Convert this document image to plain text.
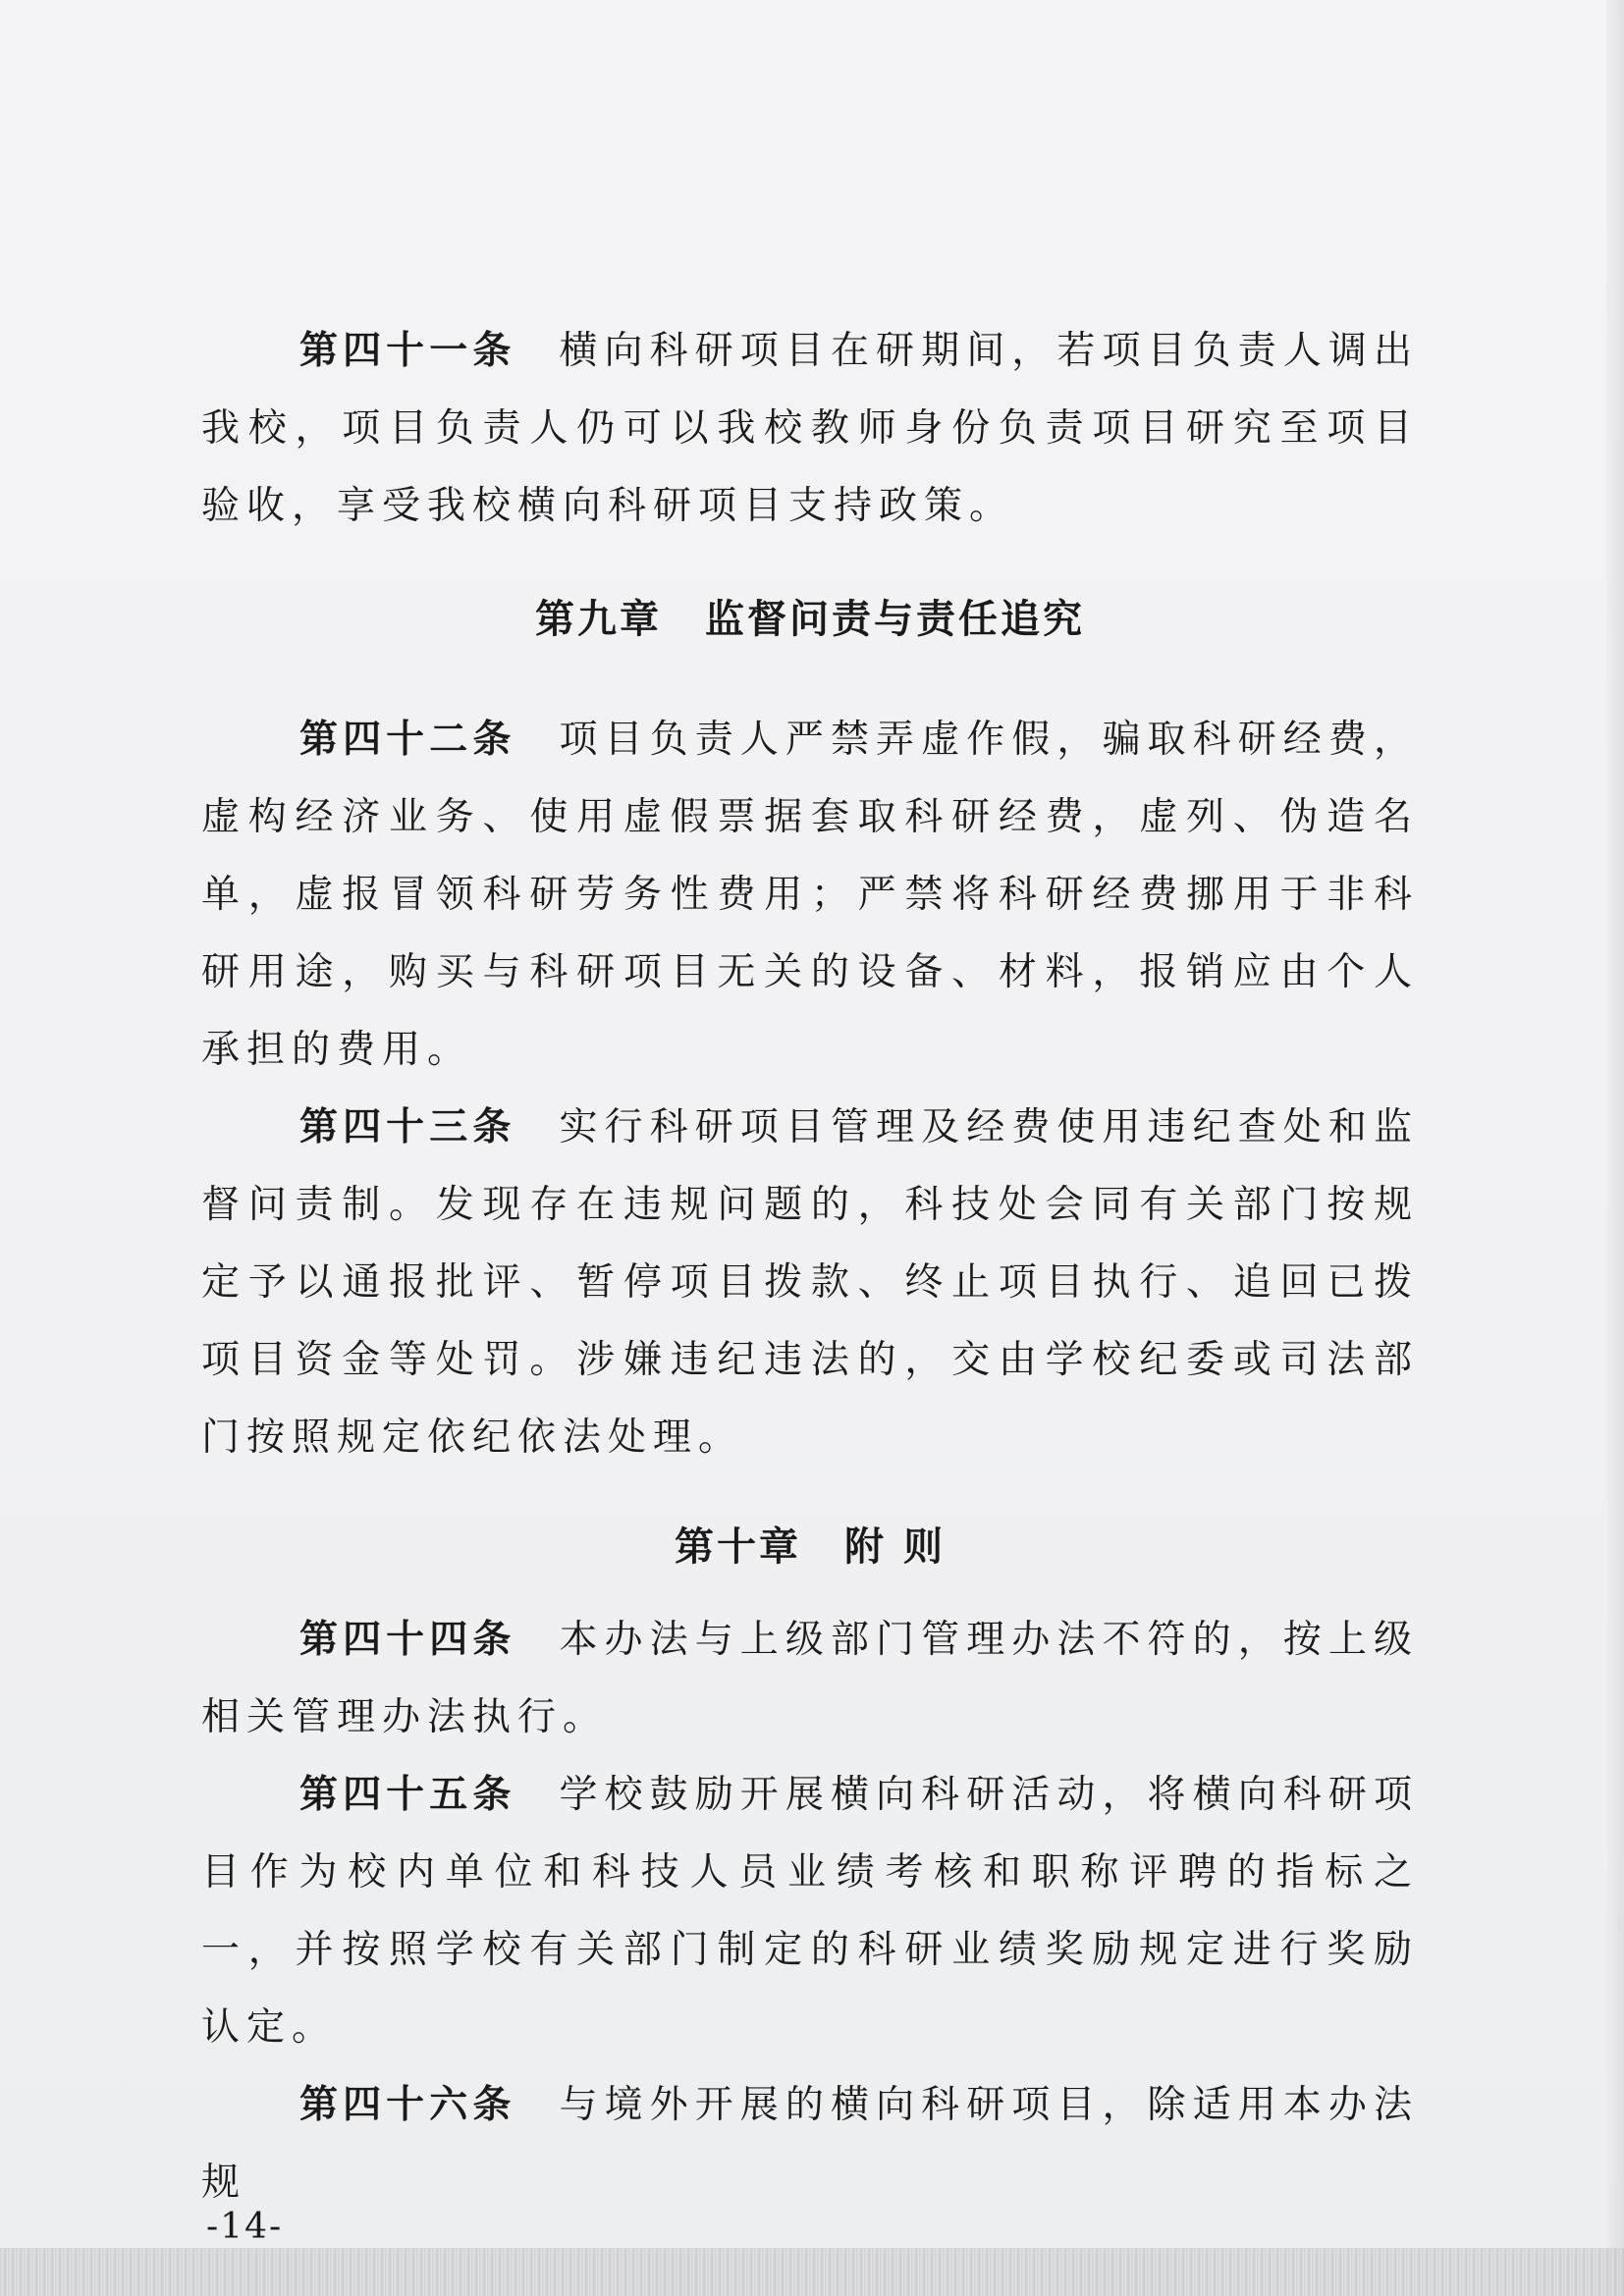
第四十一条 横向科研项目在研期间，若项目负责人调出我校，项目负责人仍可以我校教师身份负责项目研究至项目验收，享受我校横向科研项目支持政策。

第九章 监督问责与责任追究

第四十二条 项目负责人严禁弄虚作假，骗取科研经费，虚构经济业务、使用虚假票据套取科研经费，虚列、伪造名单，虚报冒领科研劳务性费用；严禁将科研经费挪用于非科研用途，购买与科研项目无关的设备、材料，报销应由个人承担的费用。

第四十三条 实行科研项目管理及经费使用违纪查处和监督问责制。发现存在违规问题的，科技处会同有关部门按规定予以通报批评、暂停项目拨款、终止项目执行、追回已拨项目资金等处罚。涉嫌违纪违法的，交由学校纪委或司法部门按照规定依纪依法处理。

第十章 附 则

第四十四条 本办法与上级部门管理办法不符的，按上级相关管理办法执行。

第四十五条 学校鼓励开展横向科研活动，将横向科研项目作为校内单位和科技人员业绩考核和职称评聘的指标之一，并按照学校有关部门制定的科研业绩奖励规定进行奖励认定。

第四十六条 与境外开展的横向科研项目，除适用本办法规

-14-
